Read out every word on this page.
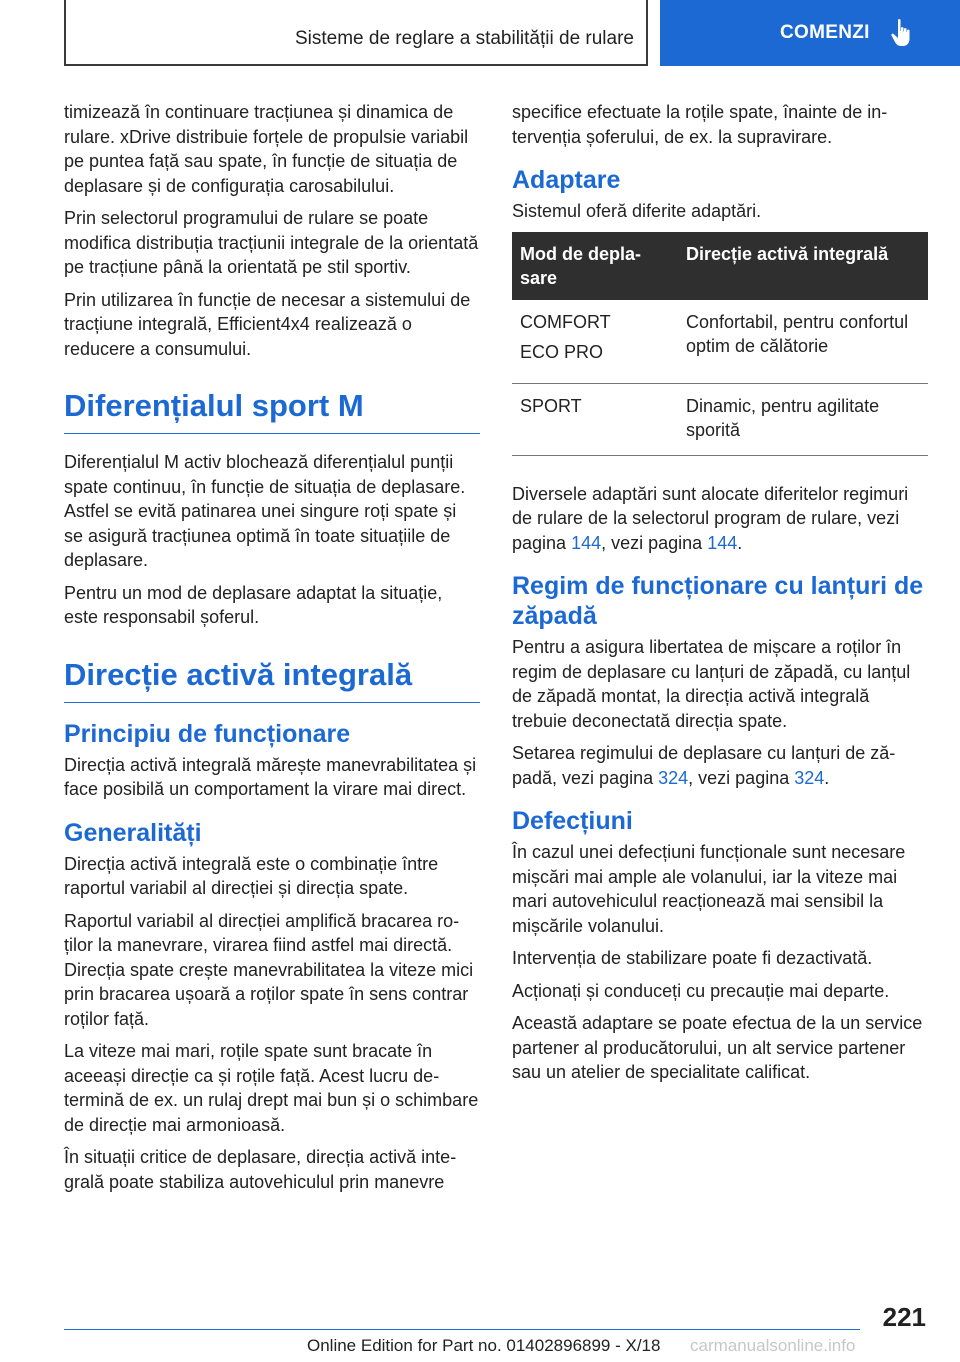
Sisteme de reglare a stabilității de rulare	COMENZI

timizează în continuare tracțiunea și dinamica de rulare. xDrive distribuie forțele de propulsie variabil pe puntea față sau spate, în funcție de situația de deplasare și de configurația carosabilului.

Prin selectorul programului de rulare se poate modifica distribuția tracțiunii integrale de la orientată pe tracțiune până la orientată pe stil sportiv.

Prin utilizarea în funcție de necesar a sistemului de tracțiune integrală, Efficient4x4 realizează o reducere a consumului.

Diferențialul sport M

Diferențialul M activ blochează diferențialul punții spate continuu, în funcție de situația de deplasare. Astfel se evită patinarea unei singure roți spate și se asigură tracțiunea optimă în toate situațiile de deplasare.

Pentru un mod de deplasare adaptat la situație, este responsabil șoferul.

Direcție activă integrală
Principiu de funcționare

Direcția activă integrală mărește manevrabilitatea și face posibilă un comportament la virare mai direct.

Generalități

Direcția activă integrală este o combinație între raportul variabil al direcției și direcția spate.

Raportul variabil al direcției amplifică bracarea roților la manevrare, virarea fiind astfel mai directă. Direcția spate crește manevrabilitatea la viteze mici prin bracarea ușoară a roților spate în sens contrar roților față.

La viteze mai mari, roțile spate sunt bracate în aceeași direcție ca și roțile față. Acest lucru determină de ex. un rulaj drept mai bun și o schimbare de direcție mai armonioasă.

În situații critice de deplasare, direcția activă integrală poate stabiliza autovehiculul prin manevre

specifice efectuate la roțile spate, înainte de intervenția șoferului, de ex. la supravirare.

Adaptare

Sistemul oferă diferite adaptări.

Mod de deplasare	Direcție activă integrală

COMFORT
ECO PRO	Confortabil, pentru confortul optim de călătorie
SPORT	Dinamic, pentru agilitate sporită

Diversele adaptări sunt alocate diferitelor regimuri de rulare de la selectorul program de rulare, vezi pagina 144, vezi pagina 144.

Regim de funcționare cu lanțuri de zăpadă

Pentru a asigura libertatea de mișcare a roților în regim de deplasare cu lanțuri de zăpadă, cu lanțul de zăpadă montat, la direcția activă integrală trebuie deconectată direcția spate.

Setarea regimului de deplasare cu lanțuri de zăpadă, vezi pagina 324, vezi pagina 324.

Defecțiuni

În cazul unei defecțiuni funcționale sunt necesare mișcări mai ample ale volanului, iar la viteze mai mari autovehiculul reacționează mai sensibil la mișcările volanului.

Intervenția de stabilizare poate fi dezactivată.

Acționați și conduceți cu precauție mai departe.

Această adaptare se poate efectua de la un service partener al producătorului, un alt service partener sau un atelier de specialitate calificat.

221
Online Edition for Part no. 01402896899 - X/18 carmanualsonline.info
